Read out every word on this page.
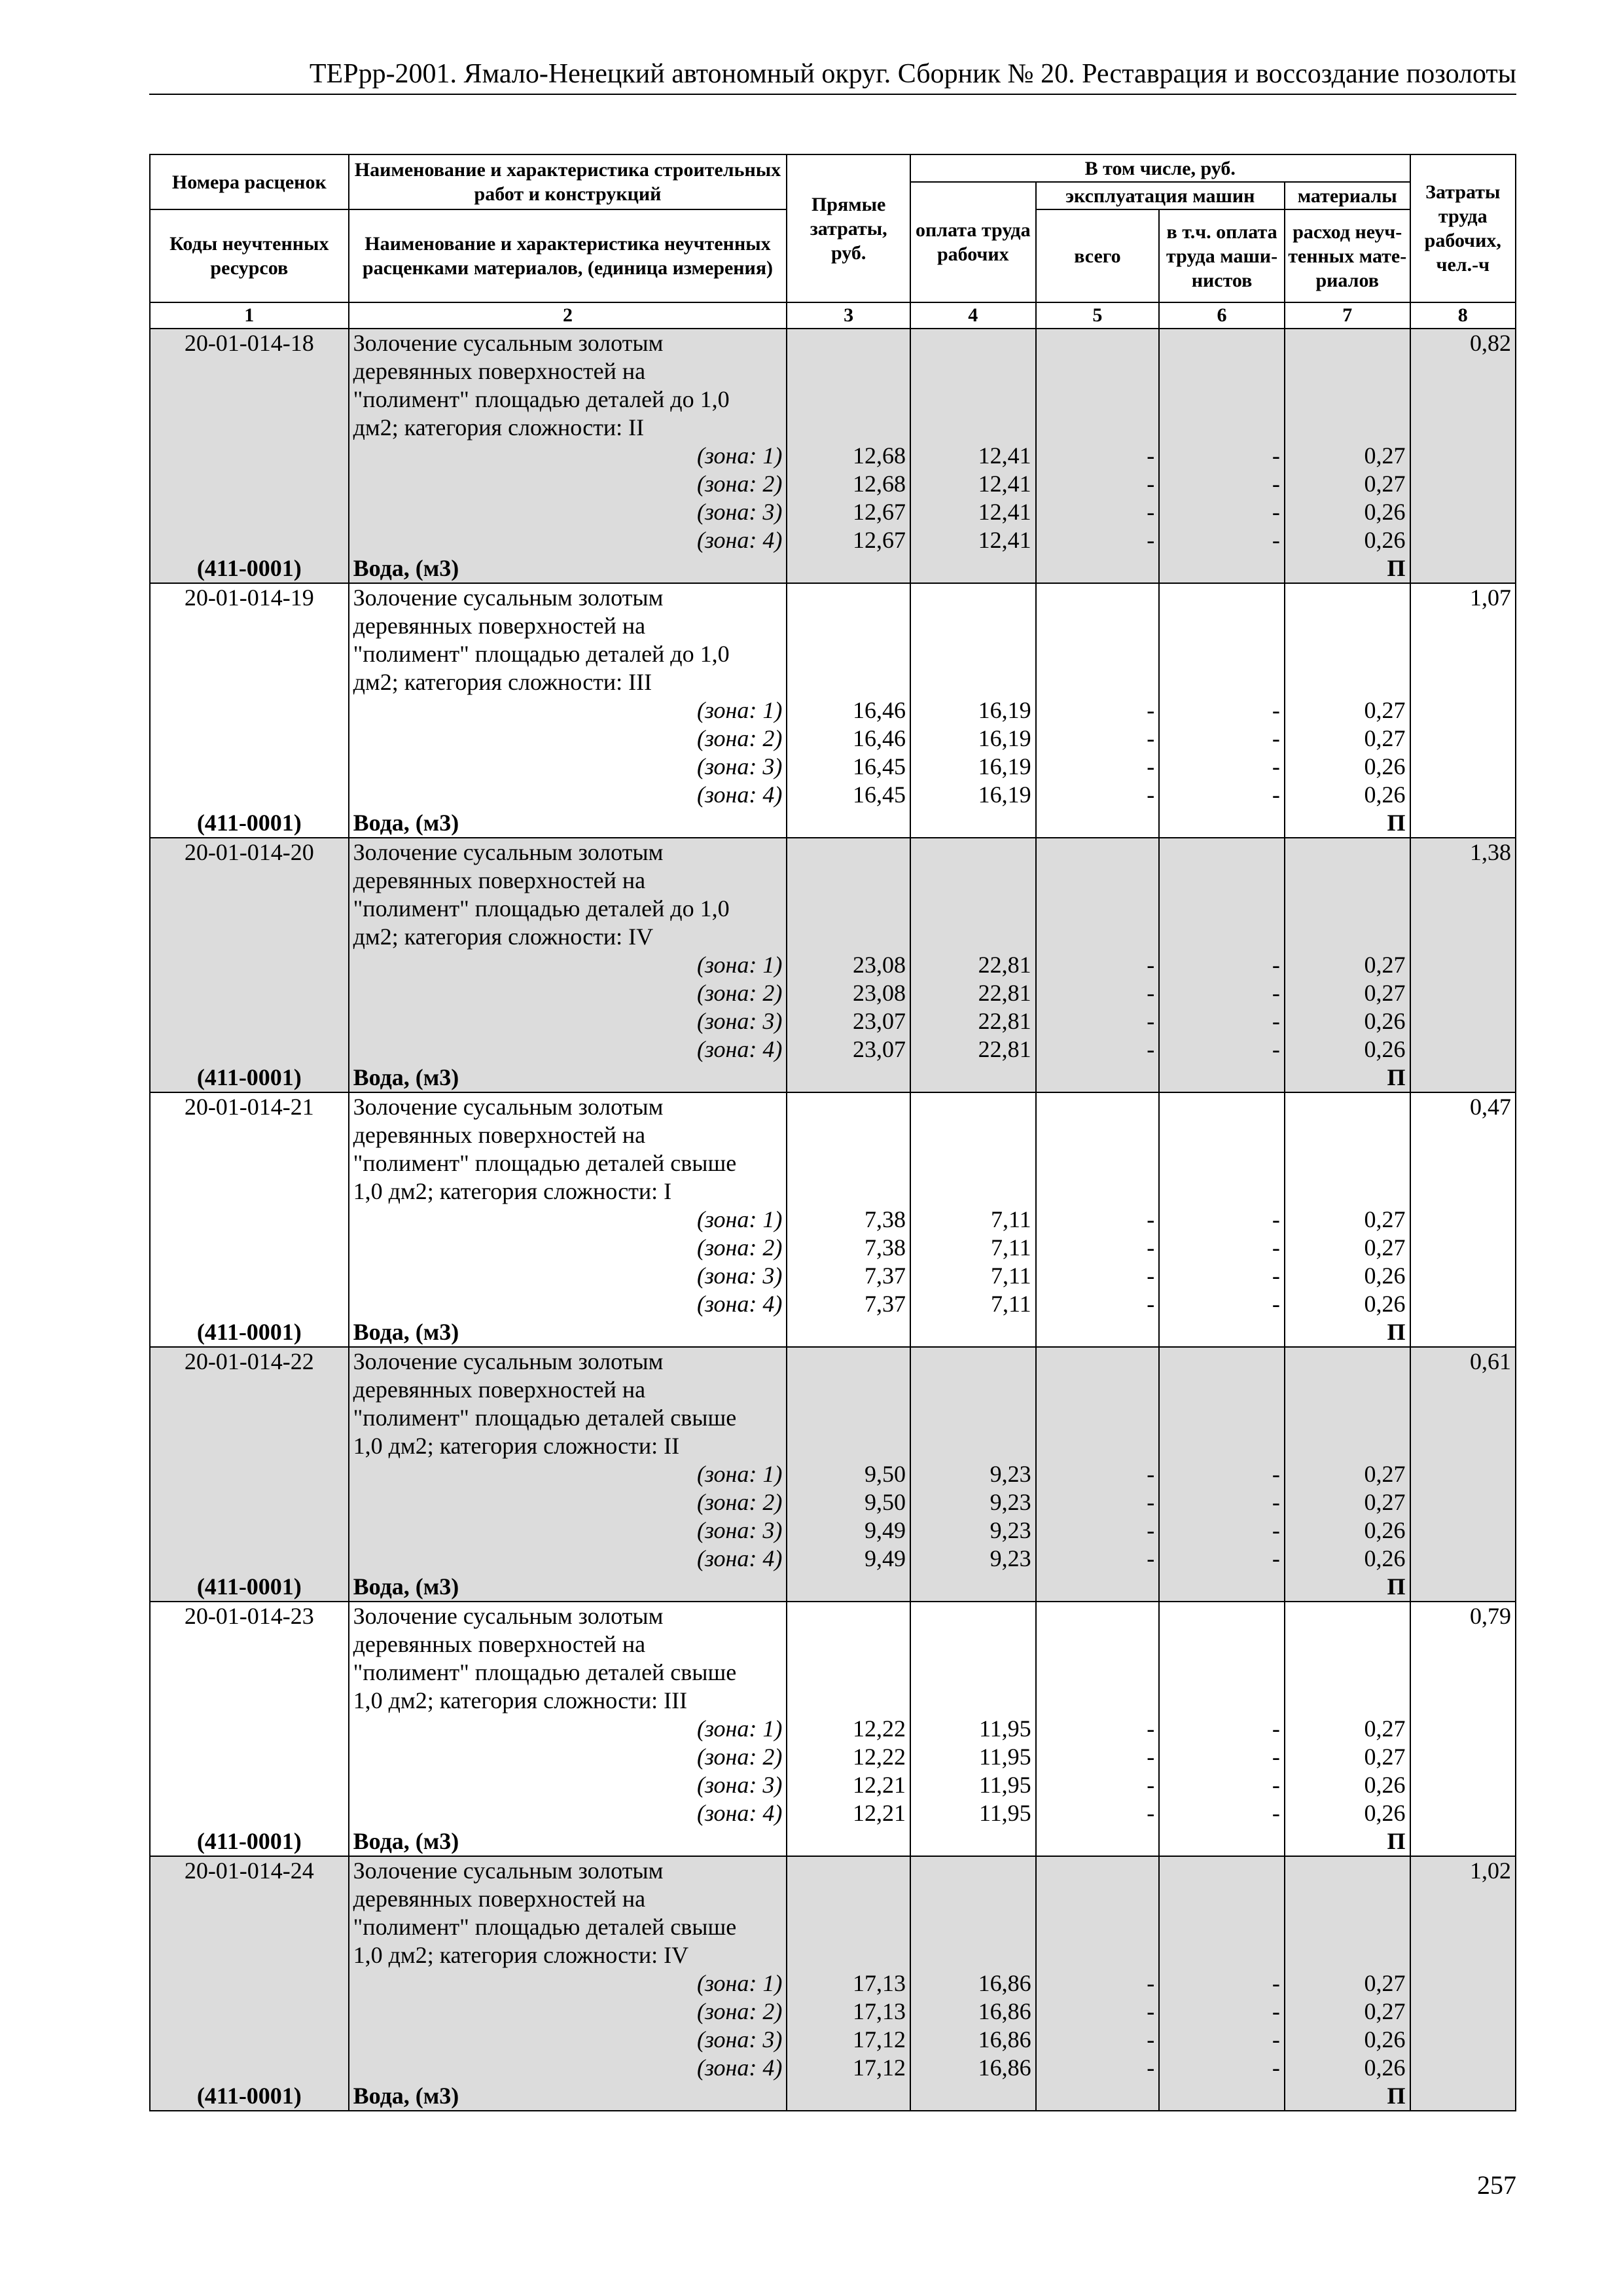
ТЕРрр-2001. Ямало-Ненецкий автономный округ. Сборник № 20. Реставрация и воссоздание позолоты
Номера расценок	Наименование и характеристика строительных работ и конструкций	Прямые затраты, руб.	В том числе, руб.				Затраты труда рабочих, чел.-ч
			оплата труда рабочих	эксплуатация машин		материалы	
Коды неучтенных ресурсов	Наименование и характеристика неучтенных расценками материалов, (единица измерения)			всего	в т.ч. оплата труда маши-нистов	расход неуч-тенных мате-риалов	

1	2	3	4	5	6	7	8
20-01-014-18	Золочение сусальным золотым						0,82
	деревянных поверхностей на						
	"полимент" площадью деталей до 1,0						
	дм2; категория сложности: II						
	(зона: 1)	12,68	12,41	-	-	0,27	
	(зона: 2)	12,68	12,41	-	-	0,27	
	(зона: 3)	12,67	12,41	-	-	0,26	
	(зона: 4)	12,67	12,41	-	-	0,26	
(411-0001)	Вода, (м3)					П	
20-01-014-19	Золочение сусальным золотым						1,07
	деревянных поверхностей на						
	"полимент" площадью деталей до 1,0						
	дм2; категория сложности: III						
	(зона: 1)	16,46	16,19	-	-	0,27	
	(зона: 2)	16,46	16,19	-	-	0,27	
	(зона: 3)	16,45	16,19	-	-	0,26	
	(зона: 4)	16,45	16,19	-	-	0,26	
(411-0001)	Вода, (м3)					П	
20-01-014-20	Золочение сусальным золотым						1,38
	деревянных поверхностей на						
	"полимент" площадью деталей до 1,0						
	дм2; категория сложности: IV						
	(зона: 1)	23,08	22,81	-	-	0,27	
	(зона: 2)	23,08	22,81	-	-	0,27	
	(зона: 3)	23,07	22,81	-	-	0,26	
	(зона: 4)	23,07	22,81	-	-	0,26	
(411-0001)	Вода, (м3)					П	
20-01-014-21	Золочение сусальным золотым						0,47
	деревянных поверхностей на						
	"полимент" площадью деталей свыше						
	1,0 дм2; категория сложности: I						
	(зона: 1)	7,38	7,11	-	-	0,27	
	(зона: 2)	7,38	7,11	-	-	0,27	
	(зона: 3)	7,37	7,11	-	-	0,26	
	(зона: 4)	7,37	7,11	-	-	0,26	
(411-0001)	Вода, (м3)					П	
20-01-014-22	Золочение сусальным золотым						0,61
	деревянных поверхностей на						
	"полимент" площадью деталей свыше						
	1,0 дм2; категория сложности: II						
	(зона: 1)	9,50	9,23	-	-	0,27	
	(зона: 2)	9,50	9,23	-	-	0,27	
	(зона: 3)	9,49	9,23	-	-	0,26	
	(зона: 4)	9,49	9,23	-	-	0,26	
(411-0001)	Вода, (м3)					П	
20-01-014-23	Золочение сусальным золотым						0,79
	деревянных поверхностей на						
	"полимент" площадью деталей свыше						
	1,0 дм2; категория сложности: III						
	(зона: 1)	12,22	11,95	-	-	0,27	
	(зона: 2)	12,22	11,95	-	-	0,27	
	(зона: 3)	12,21	11,95	-	-	0,26	
	(зона: 4)	12,21	11,95	-	-	0,26	
(411-0001)	Вода, (м3)					П	
20-01-014-24	Золочение сусальным золотым						1,02
	деревянных поверхностей на						
	"полимент" площадью деталей свыше						
	1,0 дм2; категория сложности: IV						
	(зона: 1)	17,13	16,86	-	-	0,27	
	(зона: 2)	17,13	16,86	-	-	0,27	
	(зона: 3)	17,12	16,86	-	-	0,26	
	(зона: 4)	17,12	16,86	-	-	0,26	
(411-0001)	Вода, (м3)					П	
257
